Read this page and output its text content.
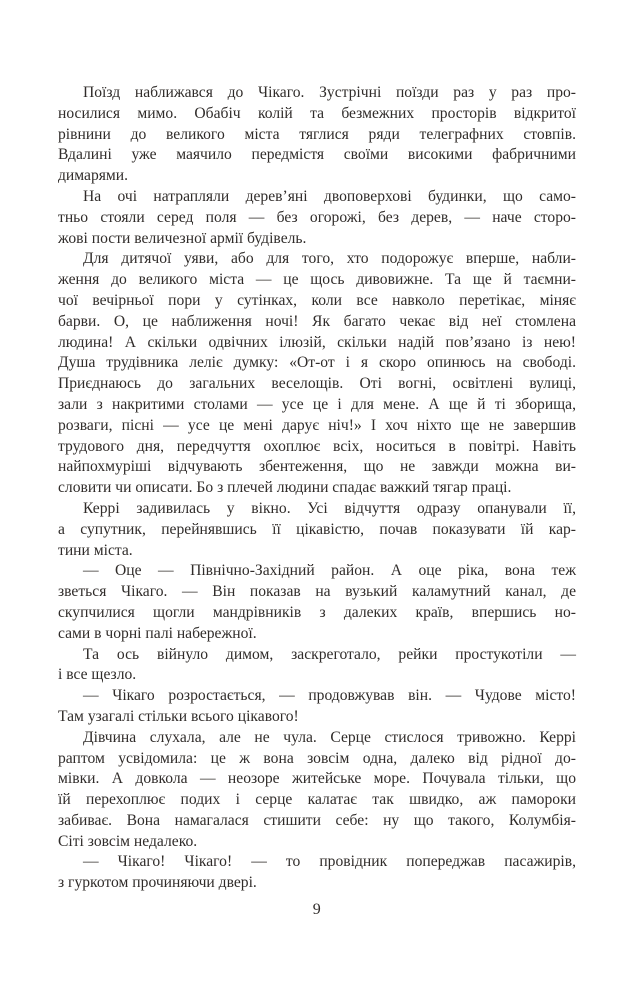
Поїзд наближався до Чікаго. Зустрічні поїзди раз у раз про-
носилися мимо. Обабіч колій та безмежних просторів відкритої
рівнини до великого міста тяглися ряди телеграфних стовпів.
Вдалині уже маячило передмістя своїми високими фабричними
димарями.
На очі натрапляли дерев’яні двоповерхові будинки, що само-
тньо стояли серед поля — без огорожі, без дерев, — наче сторо-
жові пости величезної армії будівель.
Для дитячої уяви, або для того, хто подорожує вперше, набли-
ження до великого міста — це щось дивовижне. Та ще й таємни-
чої вечірньої пори у сутінках, коли все навколо перетікає, міняє
барви. О, це наближення ночі! Як багато чекає від неї стомлена
людина! А скільки одвічних ілюзій, скільки надій пов’язано із нею!
Душа трудівника леліє думку: «От-от і я скоро опинюсь на свободі.
Приєднаюсь до загальних веселощів. Оті вогні, освітлені вулиці,
зали з накритими столами — усе це і для мене. А ще й ті зборища,
розваги, пісні — усе це мені дарує ніч!» І хоч ніхто ще не завершив
трудового дня, передчуття охоплює всіх, носиться в повітрі. Навіть
найпохмуріші відчувають збентеження, що не завжди можна ви-
словити чи описати. Бо з плечей людини спадає важкий тягар праці.
Керрі задивилась у вікно. Усі відчуття одразу опанували її,
а супутник, перейнявшись її цікавістю, почав показувати їй кар-
тини міста.
— Оце — Північно-Західний район. А оце ріка, вона теж
зветься Чікаго. — Він показав на вузький каламутний канал, де
скупчилися щогли мандрівників з далеких країв, впершись но-
сами в чорні палі набережної.
Та ось війнуло димом, заскреготало, рейки простукотіли —
і все щезло.
— Чікаго розростається, — продовжував він. — Чудове місто!
Там узагалі стільки всього цікавого!
Дівчина слухала, але не чула. Серце стислося тривожно. Керрі
раптом усвідомила: це ж вона зовсім одна, далеко від рідної до-
мівки. А довкола — неозоре житейське море. Почувала тільки, що
їй перехоплює подих і серце калатає так швидко, аж памороки
забиває. Вона намагалася стишити себе: ну що такого, Колумбія-
Сіті зовсім недалеко.
— Чікаго! Чікаго! — то провідник попереджав пасажирів,
з гуркотом прочиняючи двері.
9
